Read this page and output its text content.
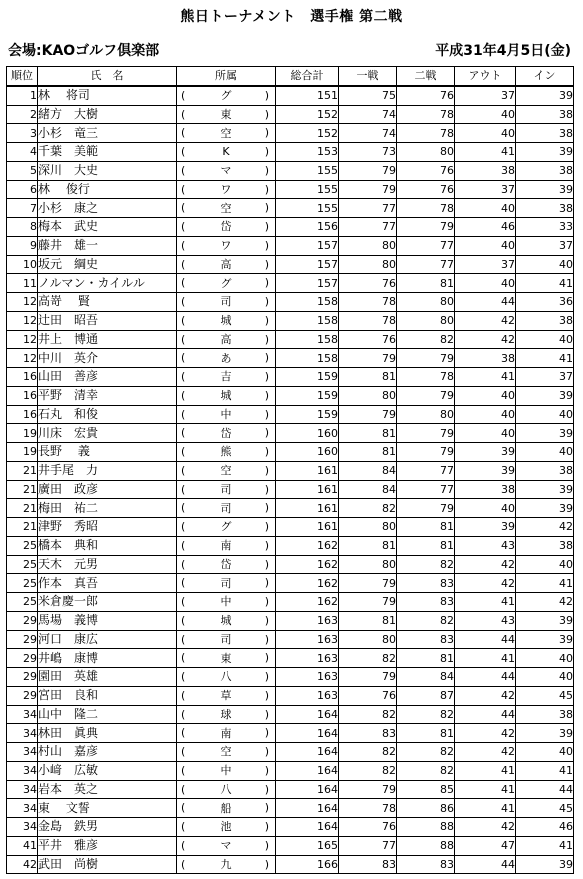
熊日トーナメント　選手権 第二戦
会場:KAOゴルフ倶楽部	平成31年4月5日(金)
順位	氏　名	所属	総合計	一戦	二戦	アウト	イン
1	林　 将司	( グ )	151	75	76	37	39
2	緒方　大樹	( 東 )	152	74	78	40	38
3	小杉　竜三	( 空 )	152	74	78	40	38
4	千葉　美範	( K )	153	73	80	41	39
5	深川　大史	( マ )	155	79	76	38	38
6	林　 俊行	( ワ )	155	79	76	37	39
7	小杉　康之	( 空 )	155	77	78	40	38
8	梅本　武史	( 岱 )	156	77	79	46	33
9	藤井　雄一	( ワ )	157	80	77	40	37
10	坂元　綱史	( 高 )	157	80	77	37	40
11	ノルマン・カイルル	( グ )	157	76	81	40	41
12	高嵜　 賢	( 司 )	158	78	80	44	36
12	辻田　昭吾	( 城 )	158	78	80	42	38
12	井上　博通	( 高 )	158	76	82	42	40
12	中川　英介	( あ )	158	79	79	38	41
16	山田　善彦	( 吉 )	159	81	78	41	37
16	平野　清幸	( 城 )	159	80	79	40	39
16	石丸　和俊	( 中 )	159	79	80	40	40
19	川床　宏貴	( 岱 )	160	81	79	40	39
19	長野　 義	( 熊 )	160	81	79	39	40
21	井手尾　力	( 空 )	161	84	77	39	38
21	廣田　政彦	( 司 )	161	84	77	38	39
21	梅田　祐二	( 司 )	161	82	79	40	39
21	津野　秀昭	( グ )	161	80	81	39	42
25	橋本　典和	( 南 )	162	81	81	43	38
25	天木　元男	( 岱 )	162	80	82	42	40
25	作本　真吾	( 司 )	162	79	83	42	41
25	米倉慶一郎	( 中 )	162	79	83	41	42
29	馬場　義博	( 城 )	163	81	82	43	39
29	河口　康広	( 司 )	163	80	83	44	39
29	井嶋　康博	( 東 )	163	82	81	41	40
29	園田　英雄	( 八 )	163	79	84	44	40
29	宮田　良和	( 草 )	163	76	87	42	45
34	山中　隆二	( 球 )	164	82	82	44	38
34	林田　眞典	( 南 )	164	83	81	42	39
34	村山　嘉彦	( 空 )	164	82	82	42	40
34	小﨑　広敏	( 中 )	164	82	82	41	41
34	岩本　英之	( 八 )	164	79	85	41	44
34	東　 文誓	( 船 )	164	78	86	41	45
34	金島　鉄男	( 池 )	164	76	88	42	46
41	平井　雅彦	( マ )	165	77	88	47	41
42	武田　尚樹	( 九 )	166	83	83	44	39
